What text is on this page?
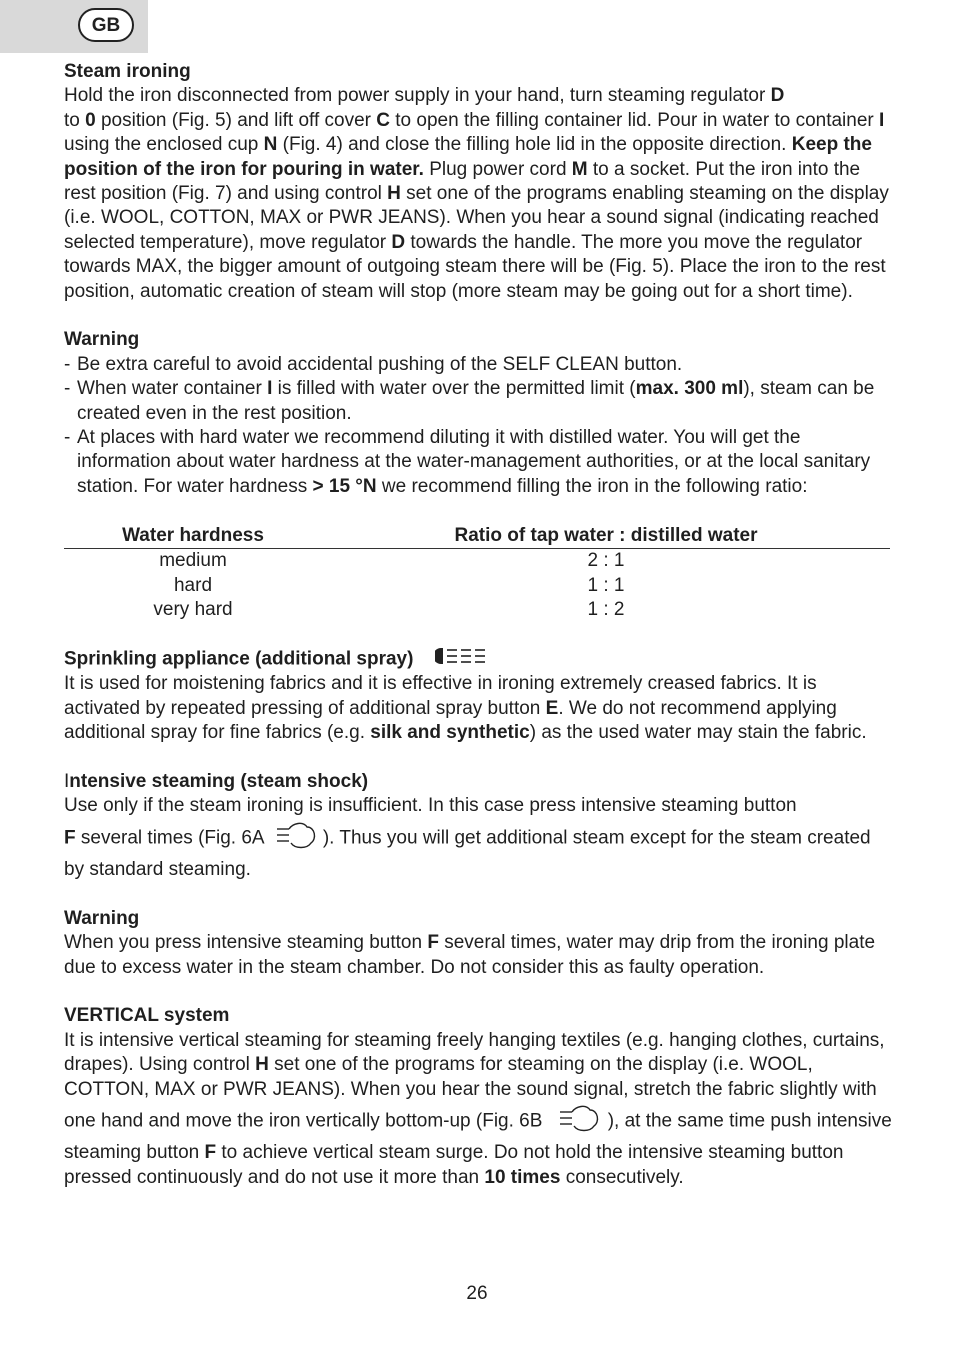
GB
Steam ironing

Hold the iron disconnected from power supply in your hand, turn steaming regulator D
to 0 position (Fig. 5) and lift off cover C to open the filling container lid. Pour in water to container I using the enclosed cup N (Fig. 4) and close the filling hole lid in the opposite direction. Keep the position of the iron for pouring in water. Plug power cord M to a socket. Put the iron into the rest position (Fig. 7) and using control H set one of the programs enabling steaming on the display (i.e. WOOL, COTTON, MAX or PWR JEANS). When you hear a sound signal (indicating reached selected temperature), move regulator D towards the handle. The more you move the regulator towards MAX, the bigger amount of outgoing steam there will be (Fig. 5). Place the iron to the rest position, automatic creation of steam will stop (more steam may be going out for a short time).

Warning
- Be extra careful to avoid accidental pushing of the SELF CLEAN button.
- When water container I is filled with water over the permitted limit (max. 300 ml), steam can be created even in the rest position.
- At places with hard water we recommend diluting it with distilled water. You will get the information about water hardness at the water-management authorities, or at the local sanitary station. For water hardness > 15 °N we recommend filling the iron in the following ratio:
Water hardness	Ratio of tap water : distilled water
medium	2 : 1
hard	1 : 1
very hard	1 : 2
Sprinkling appliance (additional spray)

It is used for moistening fabrics and it is effective in ironing extremely creased fabrics. It is activated by repeated pressing of additional spray button E. We do not recommend applying additional spray for fine fabrics (e.g. silk and synthetic) as the used water may stain the fabric.

Intensive steaming (steam shock)

Use only if the steam ironing is insufficient. In this case press intensive steaming button
F several times (Fig. 6A	). Thus you will get additional steam except for the steam created by standard steaming.

Warning

When you press intensive steaming button F several times, water may drip from the ironing plate due to excess water in the steam chamber. Do not consider this as faulty operation.

VERTICAL system

It is intensive vertical steaming for steaming freely hanging textiles (e.g. hanging clothes, curtains, drapes). Using control H set one of the programs for steaming on the display (i.e. WOOL, COTTON, MAX or PWR JEANS). When you hear the sound signal, stretch the fabric slightly with one hand and move the iron vertically bottom-up (Fig. 6B	), at the same time push intensive steaming button F to achieve vertical steam surge. Do not hold the intensive steaming button pressed continuously and do not use it more than 10 times consecutively.

26
